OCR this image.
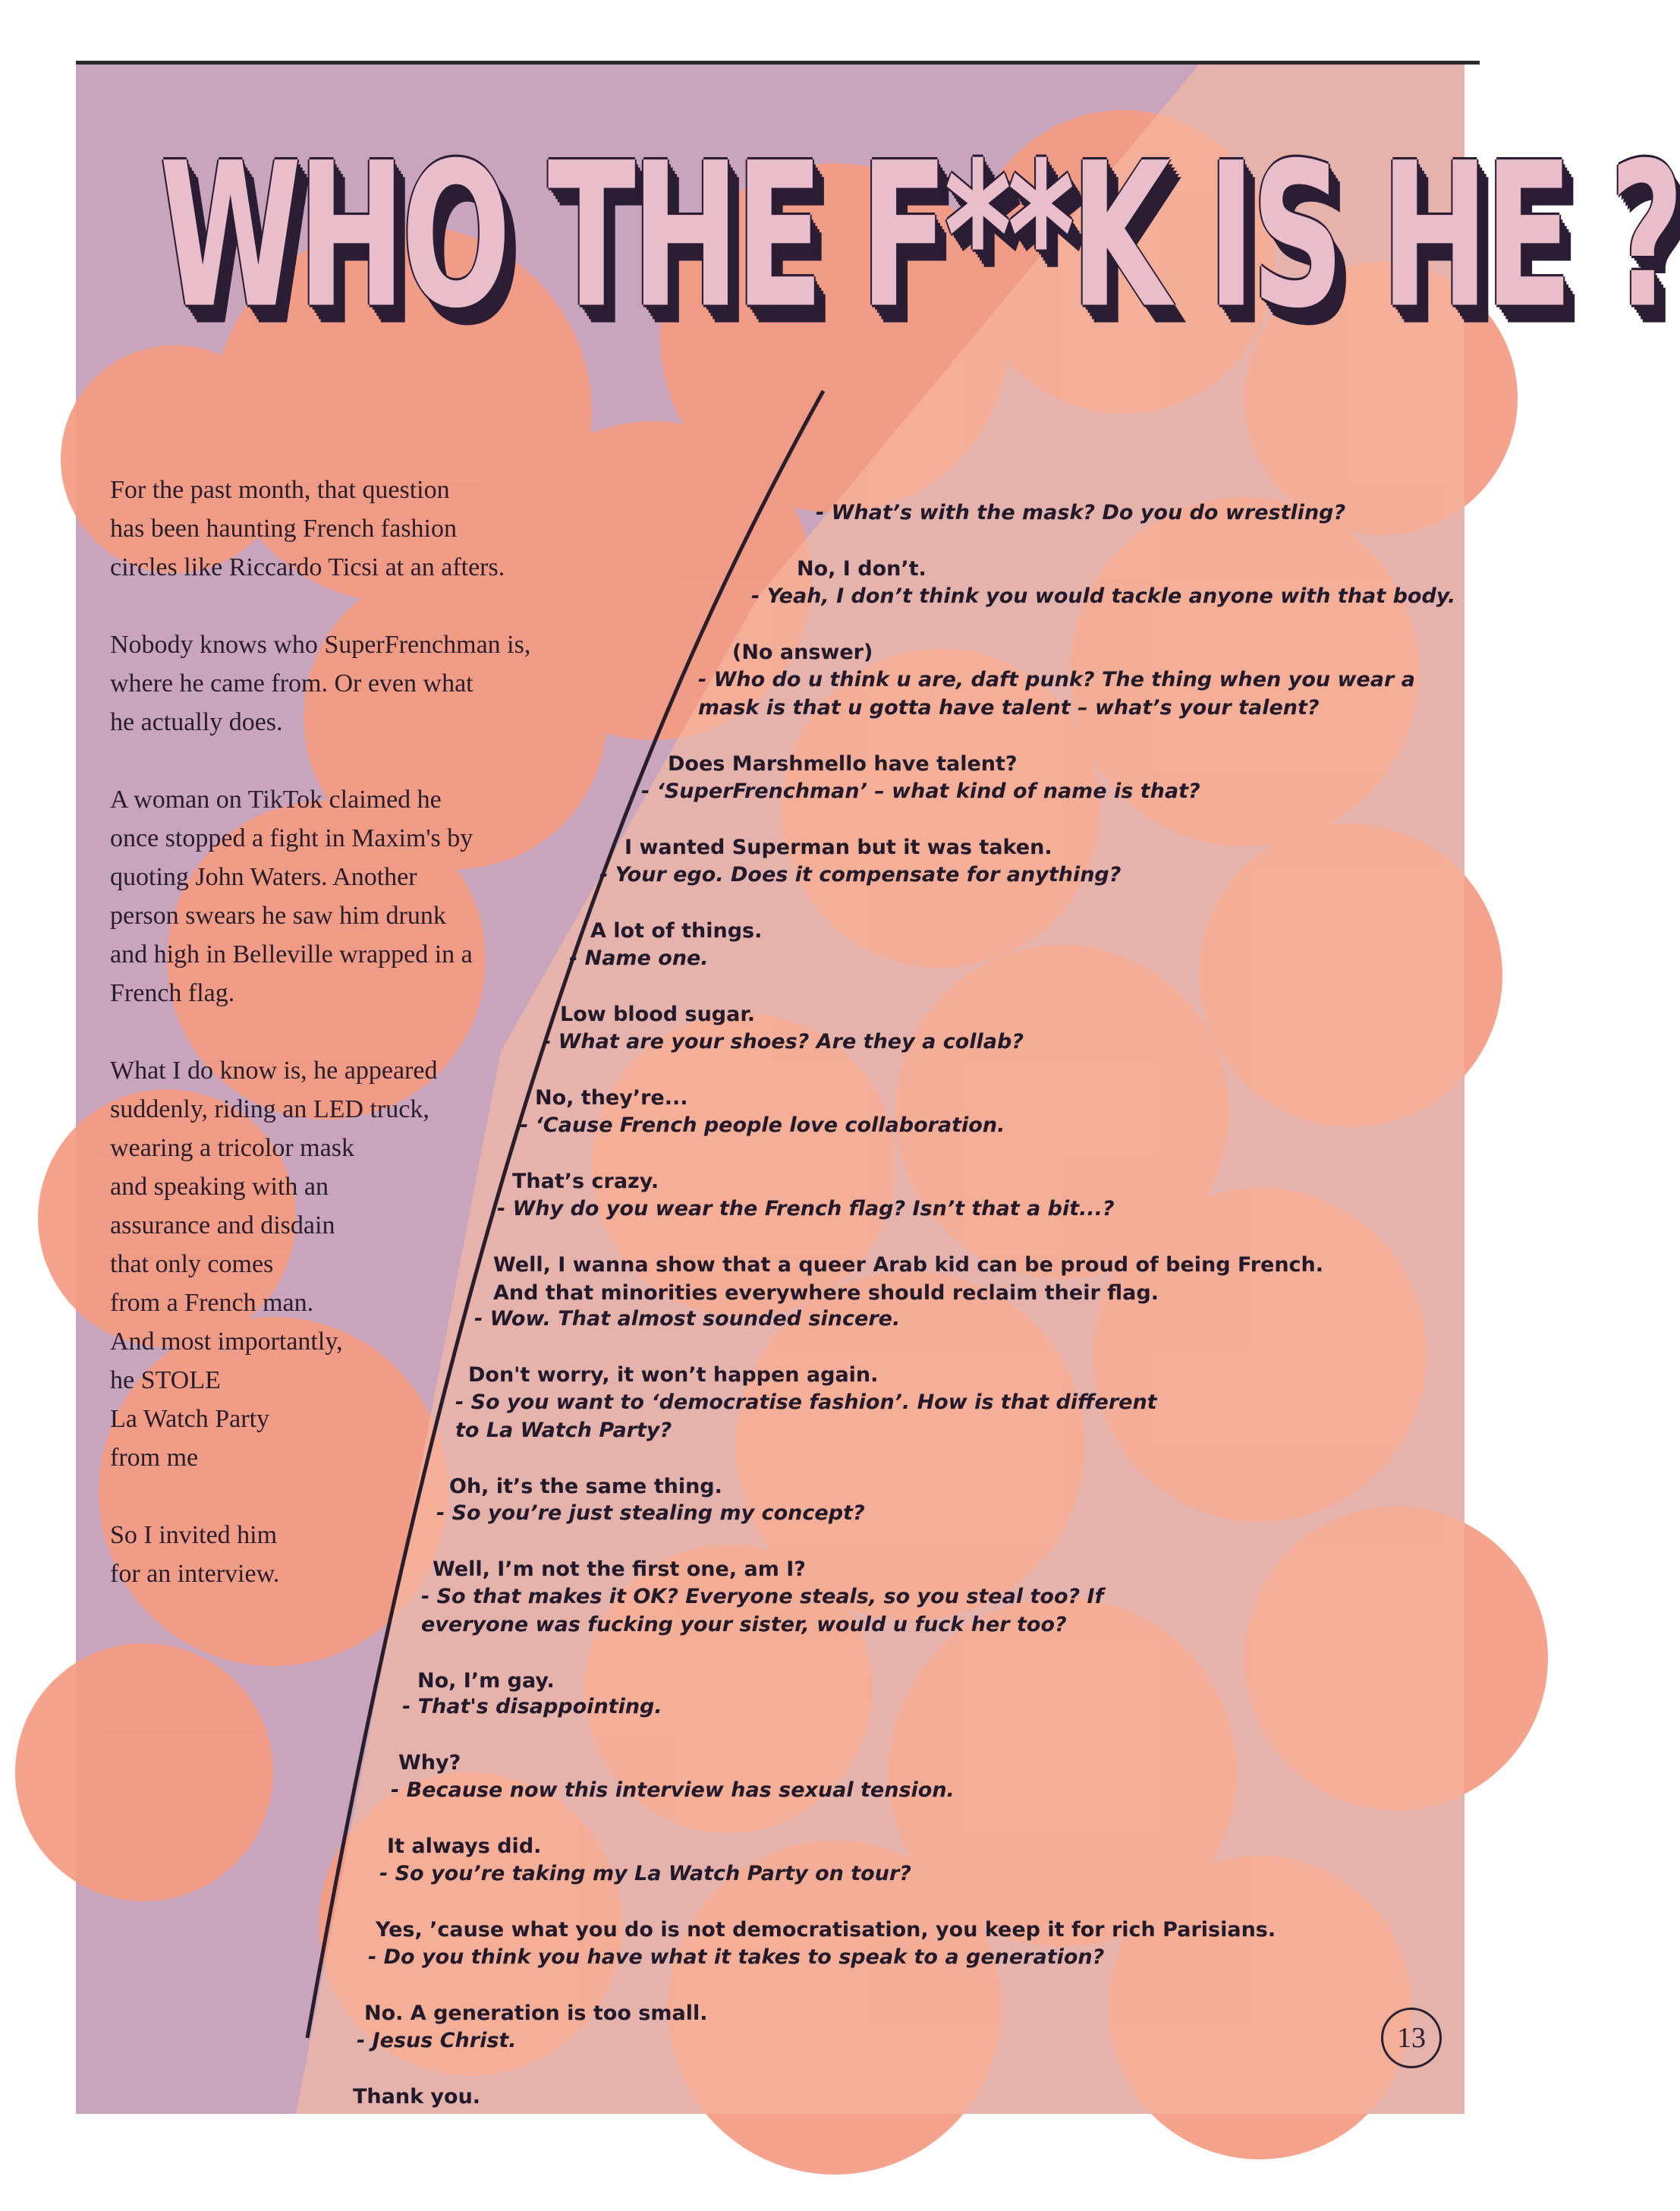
WHO THE F**K IS HE ?

For the past month, that question
has been haunting French fashion
circles like Riccardo Ticsi at an afters.

Nobody knows who SuperFrenchman is,
where he came from. Or even what
he actually does.

A woman on TikTok claimed he
once stopped a fight in Maxim's by
quoting John Waters. Another
person swears he saw him drunk
and high in Belleville wrapped in a
French flag.

What I do know is, he appeared
suddenly, riding an LED truck,
wearing a tricolor mask
and speaking with an
assurance and disdain
that only comes
from a French man.
And most importantly,
he STOLE
La Watch Party
from me

So I invited him
for an interview.

- What’s with the mask? Do you do wrestling?

No, I don’t.

- Yeah, I don’t think you would tackle anyone with that body.

(No answer)

- Who do u think u are, daft punk? The thing when you wear a
mask is that u gotta have talent – what’s your talent?

Does Marshmello have talent?

- ‘SuperFrenchman’ – what kind of name is that?

I wanted Superman but it was taken.

- Your ego. Does it compensate for anything?

A lot of things.

- Name one.

Low blood sugar.

- What are your shoes? Are they a collab?

No, they’re...

- ‘Cause French people love collaboration.

That’s crazy.

- Why do you wear the French flag? Isn’t that a bit...?

Well, I wanna show that a queer Arab kid can be proud of being French.
And that minorities everywhere should reclaim their flag.

- Wow. That almost sounded sincere.

Don't worry, it won’t happen again.

- So you want to ‘democratise fashion’. How is that different
to La Watch Party?

Oh, it’s the same thing.

- So you’re just stealing my concept?

Well, I’m not the first one, am I?

- So that makes it OK? Everyone steals, so you steal too? If
everyone was fucking your sister, would u fuck her too?

No, I’m gay.

- That's disappointing.

Why?

- Because now this interview has sexual tension.

It always did.

- So you’re taking my La Watch Party on tour?

Yes, ’cause what you do is not democratisation, you keep it for rich Parisians.

- Do you think you have what it takes to speak to a generation?

No. A generation is too small.

- Jesus Christ.

Thank you.

13
